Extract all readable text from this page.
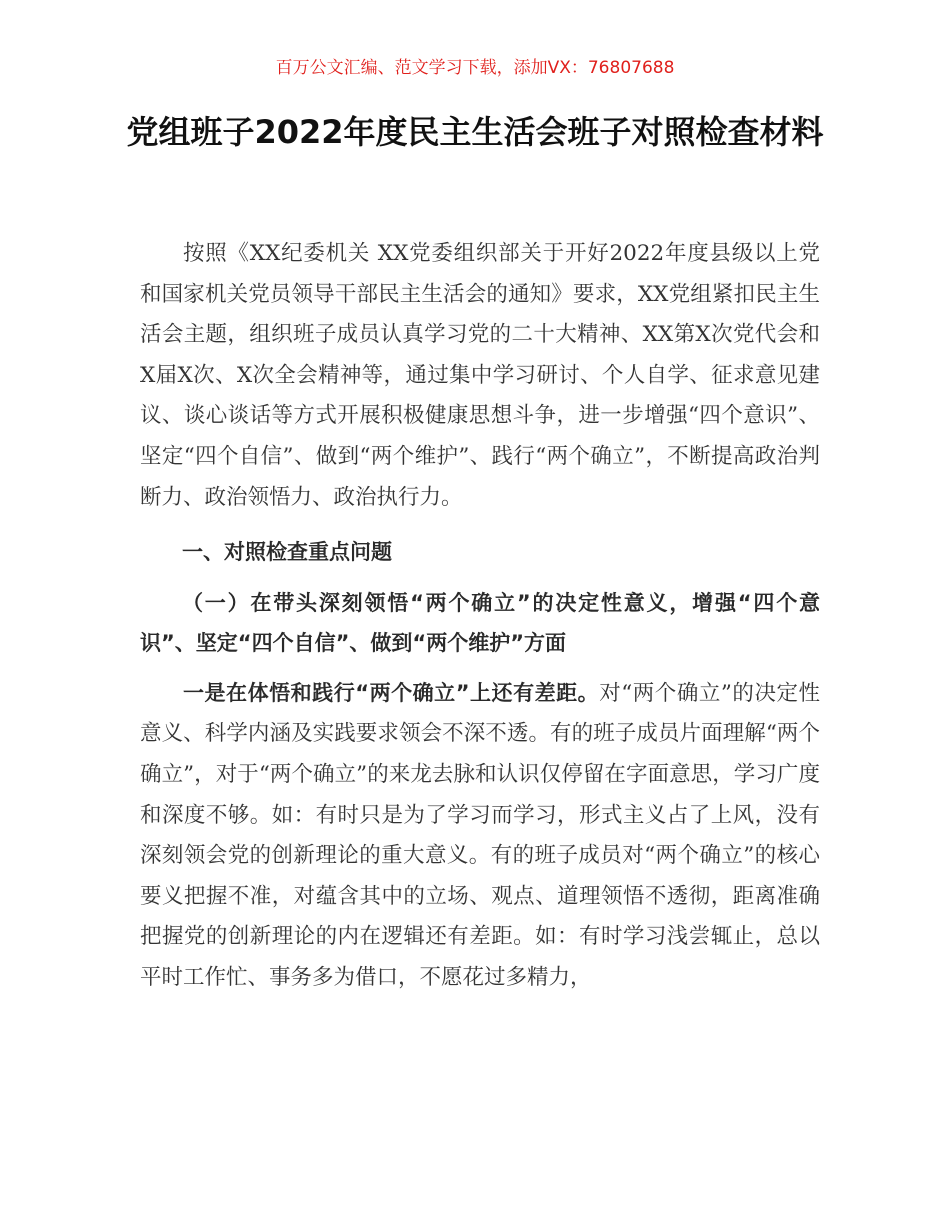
百万公文汇编、范文学习下载，添加VX：76807688
党组班子2022年度民主生活会班子对照检查材料

按照《XX纪委机关 XX党委组织部关于开好2022年度县级以上党和国家机关党员领导干部民主生活会的通知》要求，XX党组紧扣民主生活会主题，组织班子成员认真学习党的二十大精神、XX第X次党代会和X届X次、X次全会精神等，通过集中学习研讨、个人自学、征求意见建议、谈心谈话等方式开展积极健康思想斗争，进一步增强“四个意识”、坚定“四个自信”、做到“两个维护”、践行“两个确立”，不断提高政治判断力、政治领悟力、政治执行力。

一、对照检查重点问题

（一）在带头深刻领悟“两个确立”的决定性意义，增强“四个意识”、坚定“四个自信”、做到“两个维护”方面

一是在体悟和践行“两个确立”上还有差距。对“两个确立”的决定性意义、科学内涵及实践要求领会不深不透。有的班子成员片面理解“两个确立”，对于“两个确立”的来龙去脉和认识仅停留在字面意思，学习广度和深度不够。如：有时只是为了学习而学习，形式主义占了上风，没有深刻领会党的创新理论的重大意义。有的班子成员对“两个确立”的核心要义把握不准，对蕴含其中的立场、观点、道理领悟不透彻，距离准确把握党的创新理论的内在逻辑还有差距。如：有时学习浅尝辄止，总以平时工作忙、事务多为借口，不愿花过多精力，
